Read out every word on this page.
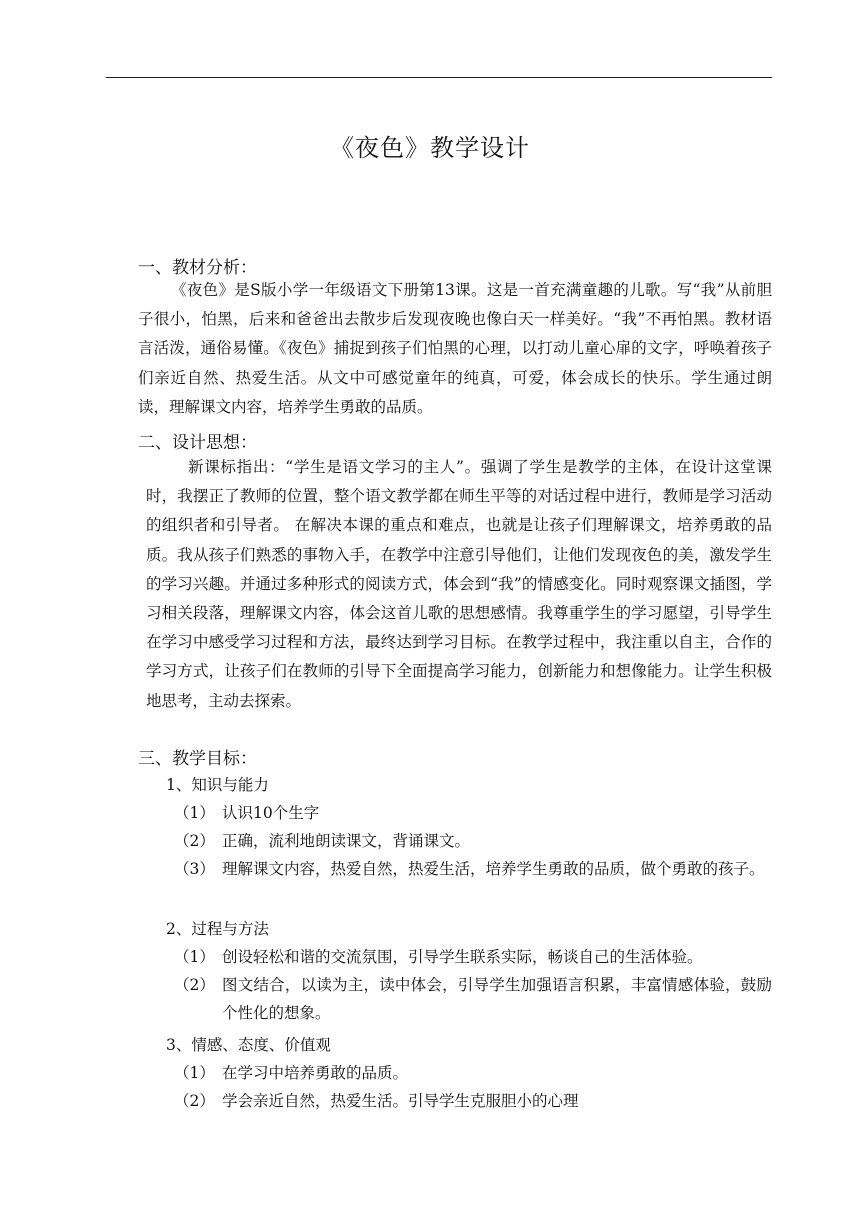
《夜色》教学设计
一、教材分析：
《夜色》是S版小学一年级语文下册第13课。这是一首充满童趣的儿歌。写“我”从前胆子很小，怕黑，后来和爸爸出去散步后发现夜晚也像白天一样美好。“我”不再怕黑。教材语言活泼，通俗易懂。《夜色》捕捉到孩子们怕黑的心理，以打动儿童心扉的文字，呼唤着孩子们亲近自然、热爱生活。从文中可感觉童年的纯真，可爱，体会成长的快乐。学生通过朗读，理解课文内容，培养学生勇敢的品质。
二、设计思想：
新课标指出：“学生是语文学习的主人”。强调了学生是教学的主体，在设计这堂课时，我摆正了教师的位置，整个语文教学都在师生平等的对话过程中进行，教师是学习活动的组织者和引导者。 在解决本课的重点和难点，也就是让孩子们理解课文，培养勇敢的品质。我从孩子们熟悉的事物入手，在教学中注意引导他们，让他们发现夜色的美，激发学生的学习兴趣。并通过多种形式的阅读方式，体会到“我”的情感变化。同时观察课文插图，学习相关段落，理解课文内容，体会这首儿歌的思想感情。我尊重学生的学习愿望，引导学生在学习中感受学习过程和方法，最终达到学习目标。在教学过程中，我注重以自主，合作的学习方式，让孩子们在教师的引导下全面提高学习能力，创新能力和想像能力。让学生积极地思考，主动去探索。
三、教学目标：
1、知识与能力
（1） 认识10个生字
（2） 正确，流利地朗读课文，背诵课文。
（3） 理解课文内容，热爱自然，热爱生活，培养学生勇敢的品质，做个勇敢的孩子。
2、过程与方法
（1） 创设轻松和谐的交流氛围，引导学生联系实际，畅谈自己的生活体验。
（2） 图文结合，以读为主，读中体会，引导学生加强语言积累，丰富情感体验，鼓励个性化的想象。
3、情感、态度、价值观
（1） 在学习中培养勇敢的品质。
（2） 学会亲近自然，热爱生活。引导学生克服胆小的心理
